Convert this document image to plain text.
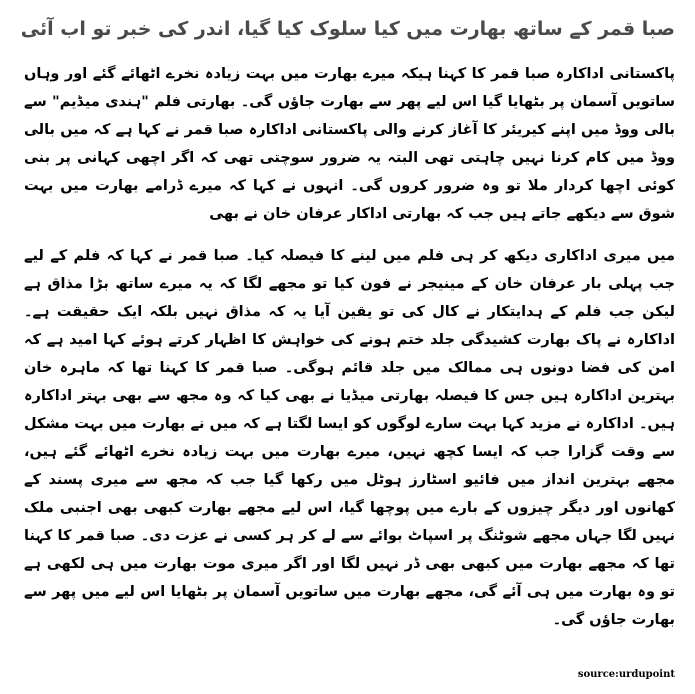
صبا قمر کے ساتھ بھارت میں کیا سلوک کیا گیا، اندر کی خبر تو اب آئی

پاکستانی اداکارہ صبا قمر کا کہنا ہیکہ میرے بھارت میں بہت زیادہ نخرے اٹھائے گئے اور وہاں ساتویں آسمان پر بٹھایا گیا اس لیے پھر سے بھارت جاؤں گی۔ بھارتی فلم "ہندی میڈیم" سے بالی ووڈ میں اپنے کیریئر کا آغاز کرنے والی پاکستانی اداکارہ صبا قمر نے کہا ہے کہ میں بالی ووڈ میں کام کرنا نہیں چاہتی تھی البتہ یہ ضرور سوچتی تھی کہ اگر اچھی کہانی پر بنی کوئی اچھا کردار ملا تو وہ ضرور کروں گی۔ انہوں نے کہا کہ میرے ڈرامے بھارت میں بہت شوق سے دیکھے جاتے ہیں جب کہ بھارتی اداکار عرفان خان نے بھی

میں میری اداکاری دیکھ کر ہی فلم میں لینے کا فیصلہ کیا۔ صبا قمر نے کہا کہ فلم کے لیے جب پہلی بار عرفان خان کے مینیجر نے فون کیا تو مجھے لگا کہ یہ میرے ساتھ بڑا مذاق ہے لیکن جب فلم کے ہدایتکار نے کال کی تو یقین آیا یہ کہ مذاق نہیں بلکہ ایک حقیقت ہے۔ اداکارہ نے پاک بھارت کشیدگی جلد ختم ہونے کی خواہش کا اظہار کرتے ہوئے کہا امید ہے کہ امن کی فضا دونوں ہی ممالک میں جلد قائم ہوگی۔ صبا قمر کا کہنا تھا کہ ماہرہ خان بہترین اداکارہ ہیں جس کا فیصلہ بھارتی میڈیا نے بھی کیا کہ وہ مجھ سے بھی بہتر اداکارہ ہیں۔ اداکارہ نے مزید کہا بہت سارے لوگوں کو ایسا لگتا ہے کہ میں نے بھارت میں بہت مشکل سے وقت گزارا جب کہ ایسا کچھ نہیں، میرے بھارت میں بہت زیادہ نخرے اٹھائے گئے ہیں، مجھے بہترین انداز میں فائیو اسٹارز ہوٹل میں رکھا گیا جب کہ مجھ سے میری پسند کے کھانوں اور دیگر چیزوں کے بارے میں پوچھا گیا، اس لیے مجھے بھارت کبھی بھی اجنبی ملک نہیں لگا جہاں مجھے شوٹنگ پر اسپاٹ بوائے سے لے کر ہر کسی نے عزت دی۔ صبا قمر کا کہنا تھا کہ مجھے بھارت میں کبھی بھی ڈر نہیں لگا اور اگر میری موت بھارت میں ہی لکھی ہے تو وہ بھارت میں ہی آئے گی، مجھے بھارت میں ساتویں آسمان پر بٹھایا اس لیے میں پھر سے بھارت جاؤں گی۔

source:urdupoint
